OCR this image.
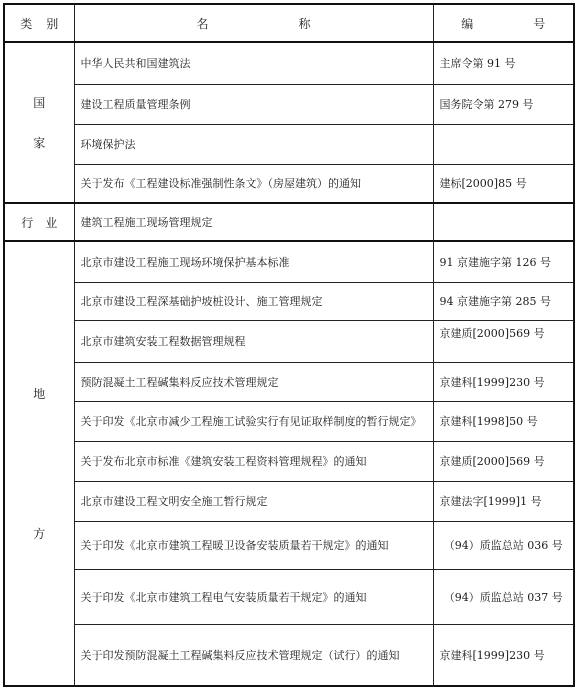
类 别	名 称	编 号

国
家	中华人民共和国建筑法	主席令第 91 号
	建设工程质量管理条例	国务院令第 279 号
	环境保护法	
	关于发布《工程建设标准强制性条文》（房屋建筑）的通知	建标[2000]85 号
行　业	建筑工程施工现场管理规定	

地
方	北京市建设工程施工现场环境保护基本标准	91 京建施字第 126 号
	北京市建设工程深基础护坡桩设计、施工管理规定	94 京建施字第 285 号
	北京市建筑安装工程数据管理规程	京建质[2000]569 号
	预防混凝土工程碱集料反应技术管理规定	京建科[1999]230 号
	关于印发《北京市减少工程施工试验实行有见证取样制度的暂行规定》	京建科[1998]50 号
	关于发布北京市标准《建筑安装工程资料管理规程》的通知	京建质[2000]569 号
	北京市建设工程文明安全施工暂行规定	京建法字[1999]1 号
	关于印发《北京市建筑工程暖卫设备安装质量若干规定》的通知	（94）质监总站 036 号
	关于印发《北京市建筑工程电气安装质量若干规定》的通知	（94）质监总站 037 号
	关于印发预防混凝土工程碱集料反应技术管理规定（试行）的通知	京建科[1999]230 号
